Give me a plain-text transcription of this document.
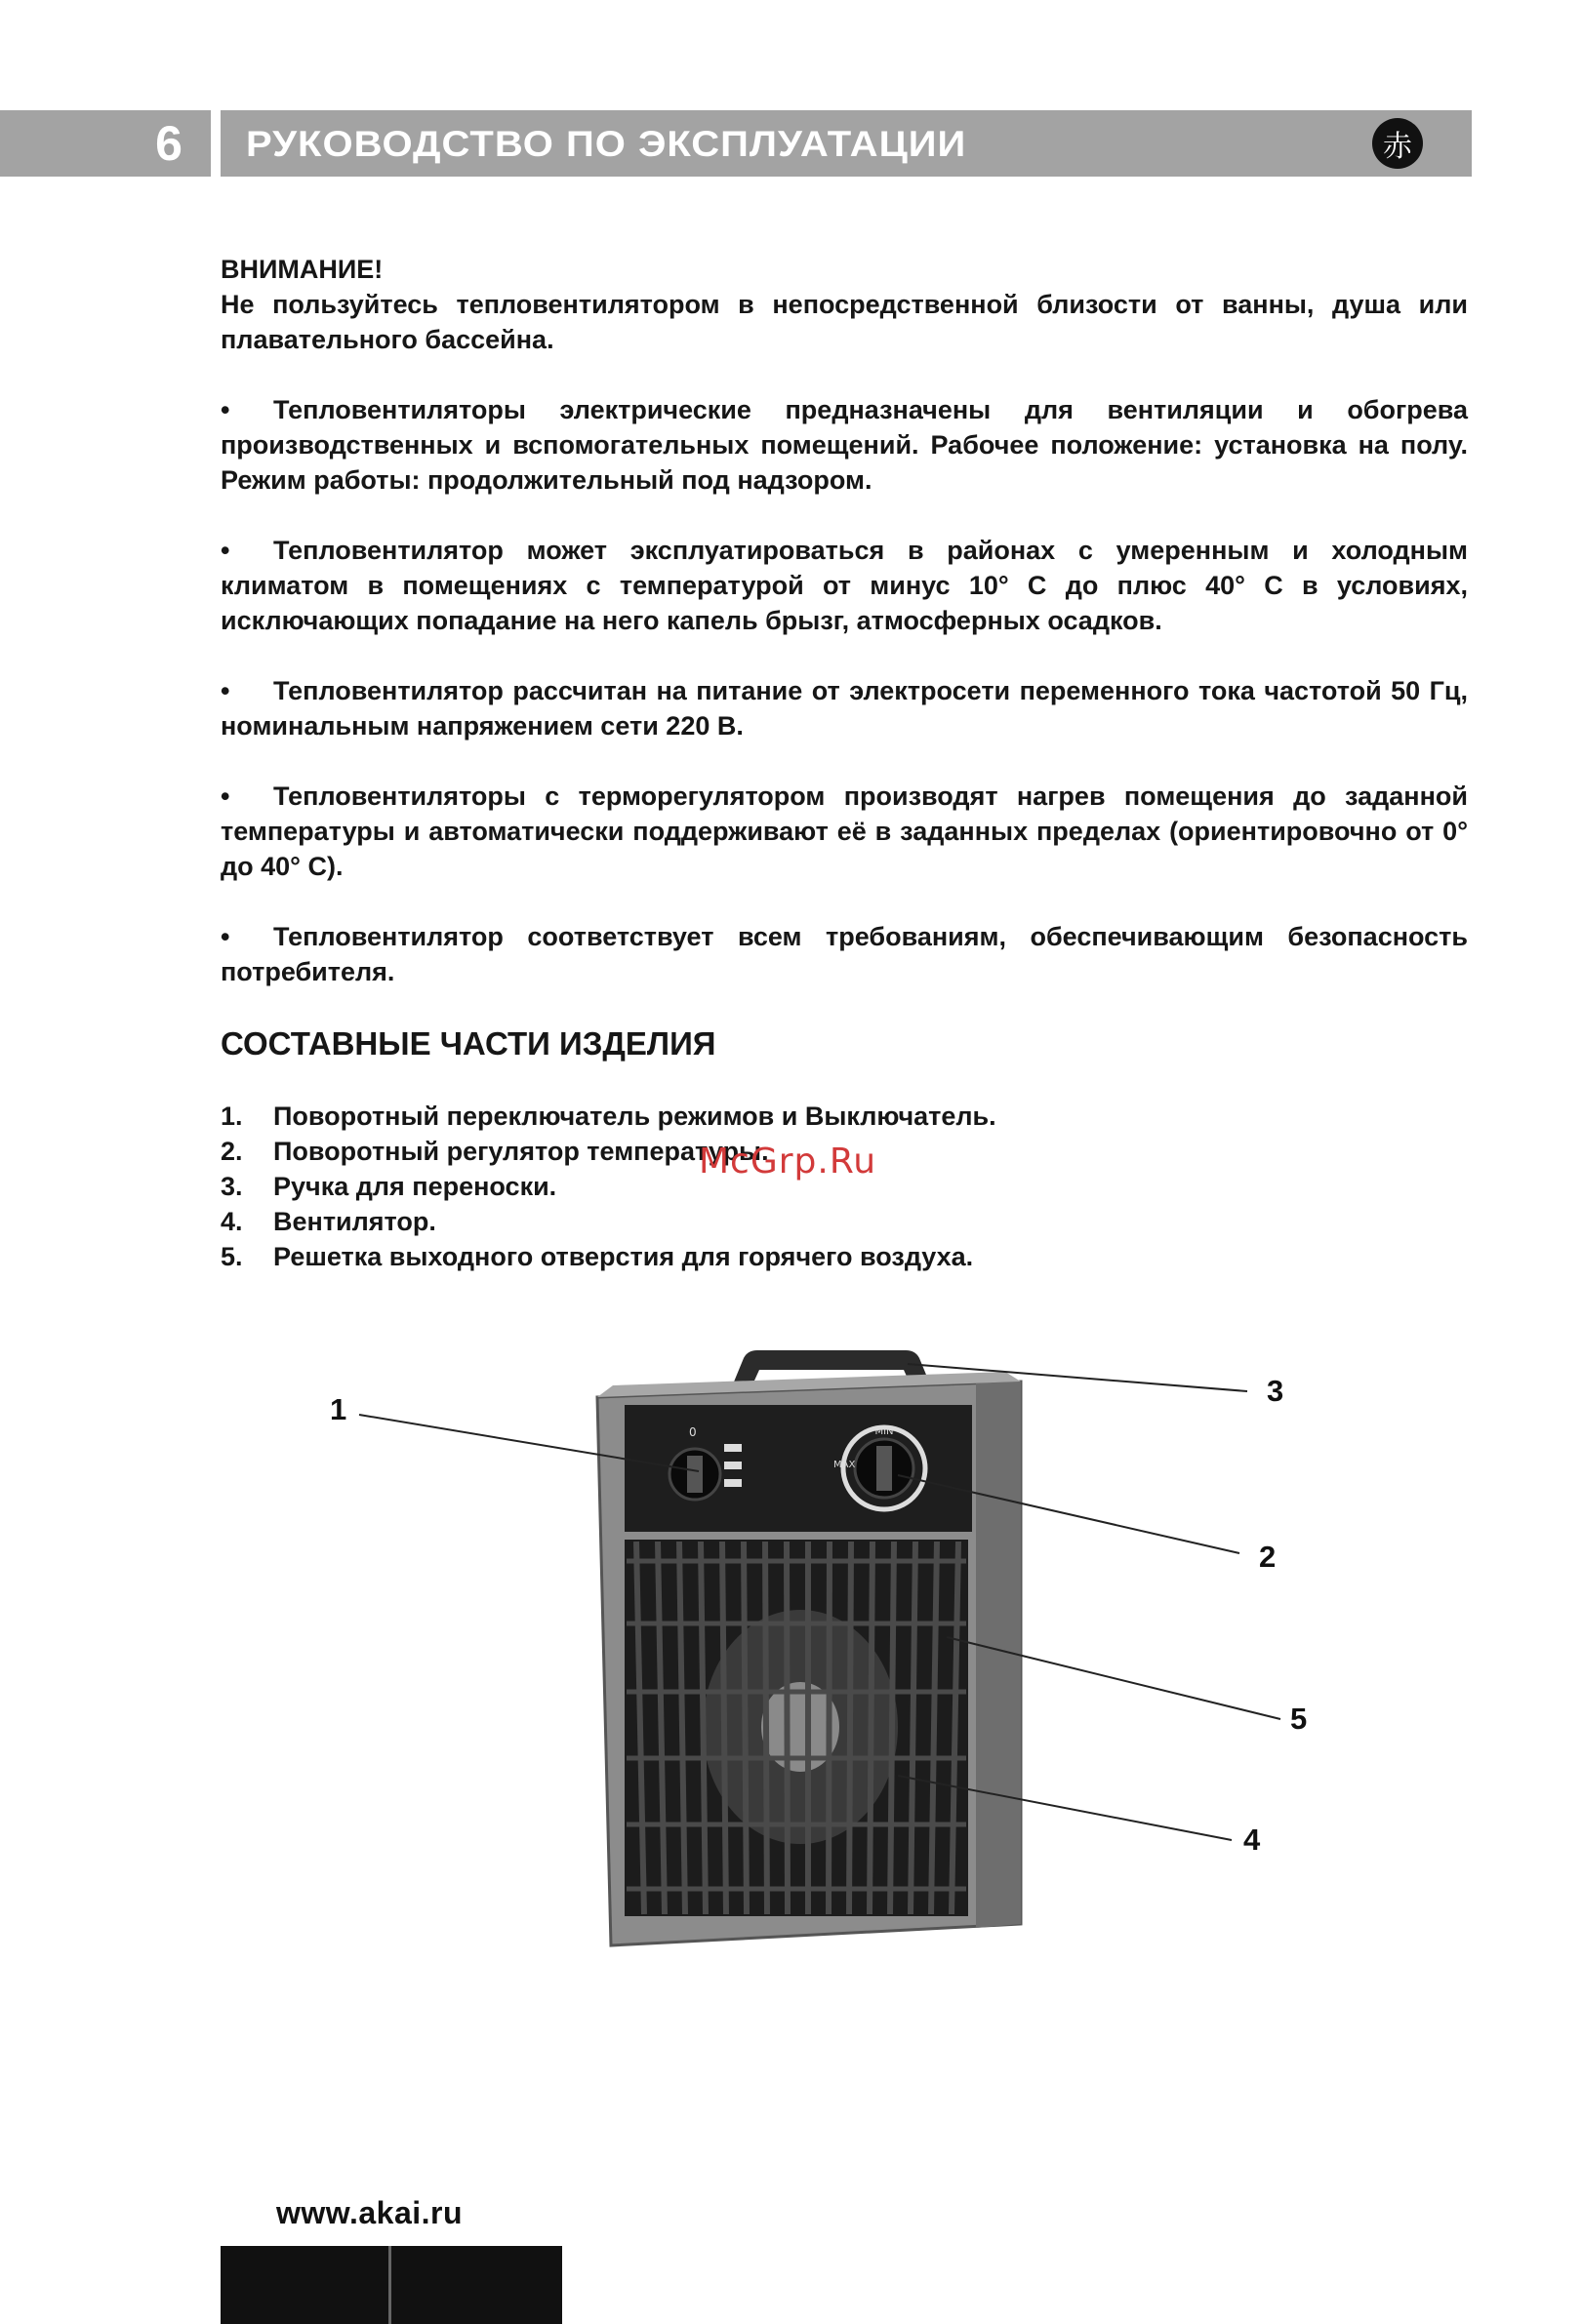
6 РУКОВОДСТВО ПО ЭКСПЛУАТАЦИИ	赤

ВНИМАНИЕ!
Не пользуйтесь тепловентилятором в непосредственной близости от ванны, душа или плавательного бассейна.

• Тепловентиляторы электрические предназначены для вентиляции и обогрева производственных и вспомогательных помещений. Рабочее положение: установка на полу. Режим работы: продолжительный под надзором.

• Тепловентилятор может эксплуатироваться в районах с умеренным и холодным климатом в помещениях с температурой от минус 10° С до плюс 40° С в условиях, исключающих попадание на него капель брызг, атмосферных осадков.

• Тепловентилятор рассчитан на питание от электросети переменного тока частотой 50 Гц, номинальным напряжением сети 220 В.

• Тепловентиляторы с терморегулятором производят нагрев помещения до заданной температуры и автоматически поддерживают её в заданных пределах (ориентировочно от 0° до 40° С).

• Тепловентилятор соответствует всем требованиям, обеспечивающим безопасность потребителя.

СОСТАВНЫЕ ЧАСТИ ИЗДЕЛИЯ
1. Поворотный переключатель режимов и Выключатель.
2. Поворотный регулятор температуры.
3. Ручка для переноски.
4. Вентилятор.
5. Решетка выходного отверстия для горячего воздуха.
McGrp.Ru
0	MIN
MAX
1
3
2
5
4
www.akai.ru
